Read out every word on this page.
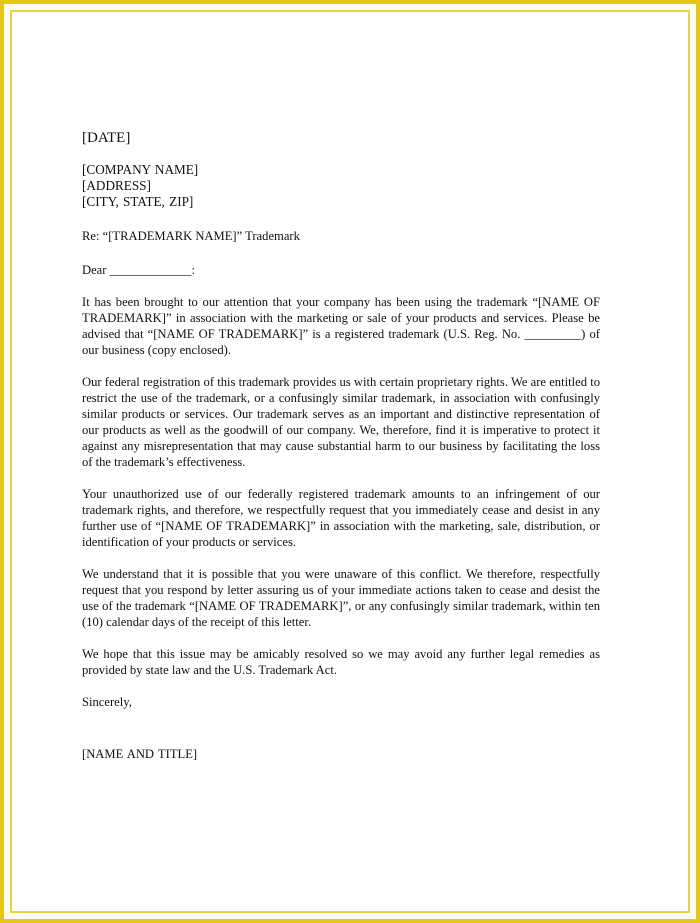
[DATE]
[COMPANY NAME]
[ADDRESS]
[CITY, STATE, ZIP]
Re: “[TRADEMARK NAME]” Trademark
Dear _____________:
It has been brought to our attention that your company has been using the trademark “[NAME OF TRADEMARK]” in association with the marketing or sale of your products and services. Please be advised that “[NAME OF TRADEMARK]” is a registered trademark (U.S. Reg. No. _________) of our business (copy enclosed).
Our federal registration of this trademark provides us with certain proprietary rights. We are entitled to restrict the use of the trademark, or a confusingly similar trademark, in association with confusingly similar products or services. Our trademark serves as an important and distinctive representation of our products as well as the goodwill of our company. We, therefore, find it is imperative to protect it against any misrepresentation that may cause substantial harm to our business by facilitating the loss of the trademark’s effectiveness.
Your unauthorized use of our federally registered trademark amounts to an infringement of our trademark rights, and therefore, we respectfully request that you immediately cease and desist in any further use of “[NAME OF TRADEMARK]” in association with the marketing, sale, distribution, or identification of your products or services.
We understand that it is possible that you were unaware of this conflict. We therefore, respectfully request that you respond by letter assuring us of your immediate actions taken to cease and desist the use of the trademark “[NAME OF TRADEMARK]”, or any confusingly similar trademark, within ten (10) calendar days of the receipt of this letter.
We hope that this issue may be amicably resolved so we may avoid any further legal remedies as provided by state law and the U.S. Trademark Act.
Sincerely,
[NAME AND TITLE]
